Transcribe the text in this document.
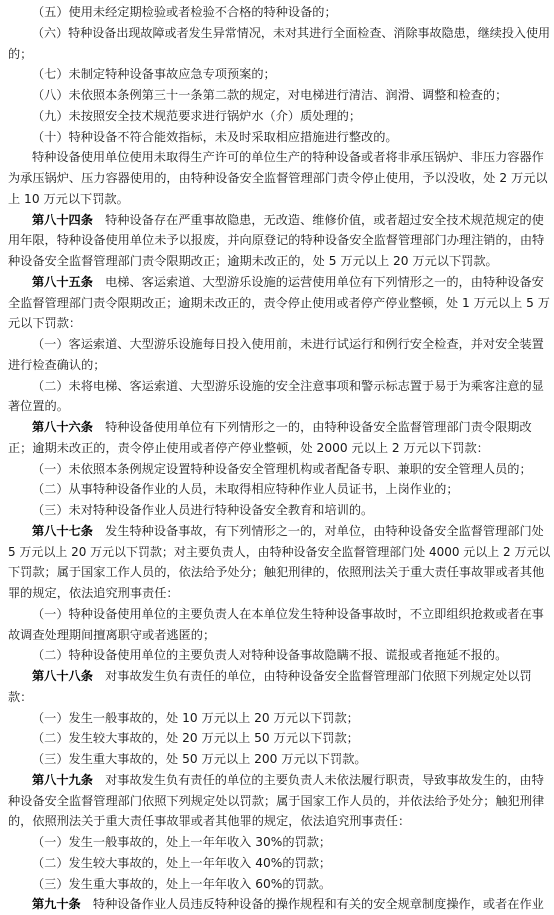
（五）使用未经定期检验或者检验不合格的特种设备的；
（六）特种设备出现故障或者发生异常情况，未对其进行全面检查、消除事故隐患，继续投入使用
的；
（七）未制定特种设备事故应急专项预案的；
（八）未依照本条例第三十一条第二款的规定，对电梯进行清洁、润滑、调整和检查的；
（九）未按照安全技术规范要求进行锅炉水（介）质处理的；
（十）特种设备不符合能效指标，未及时采取相应措施进行整改的。
特种设备使用单位使用未取得生产许可的单位生产的特种设备或者将非承压锅炉、非压力容器作
为承压锅炉、压力容器使用的，由特种设备安全监督管理部门责令停止使用，予以没收，处 2 万元以
上 10 万元以下罚款。
第八十四条　特种设备存在严重事故隐患，无改造、维修价值，或者超过安全技术规范规定的使
用年限，特种设备使用单位未予以报废，并向原登记的特种设备安全监督管理部门办理注销的，由特
种设备安全监督管理部门责令限期改正；逾期未改正的，处 5 万元以上 20 万元以下罚款。
第八十五条　电梯、客运索道、大型游乐设施的运营使用单位有下列情形之一的，由特种设备安
全监督管理部门责令限期改正；逾期未改正的，责令停止使用或者停产停业整顿，处 1 万元以上 5 万
元以下罚款：
（一）客运索道、大型游乐设施每日投入使用前，未进行试运行和例行安全检查，并对安全装置
进行检查确认的；
（二）未将电梯、客运索道、大型游乐设施的安全注意事项和警示标志置于易于为乘客注意的显
著位置的。
第八十六条　特种设备使用单位有下列情形之一的，由特种设备安全监督管理部门责令限期改
正；逾期未改正的，责令停止使用或者停产停业整顿，处 2000 元以上 2 万元以下罚款：
（一）未依照本条例规定设置特种设备安全管理机构或者配备专职、兼职的安全管理人员的；
（二）从事特种设备作业的人员，未取得相应特种作业人员证书，上岗作业的；
（三）未对特种设备作业人员进行特种设备安全教育和培训的。
第八十七条　发生特种设备事故，有下列情形之一的，对单位，由特种设备安全监督管理部门处
5 万元以上 20 万元以下罚款；对主要负责人，由特种设备安全监督管理部门处 4000 元以上 2 万元以
下罚款；属于国家工作人员的，依法给予处分；触犯刑律的，依照刑法关于重大责任事故罪或者其他
罪的规定，依法追究刑事责任：
（一）特种设备使用单位的主要负责人在本单位发生特种设备事故时，不立即组织抢救或者在事
故调查处理期间擅离职守或者逃匿的；
（二）特种设备使用单位的主要负责人对特种设备事故隐瞒不报、谎报或者拖延不报的。
第八十八条　对事故发生负有责任的单位，由特种设备安全监督管理部门依照下列规定处以罚
款：
（一）发生一般事故的，处 10 万元以上 20 万元以下罚款；
（二）发生较大事故的，处 20 万元以上 50 万元以下罚款；
（三）发生重大事故的，处 50 万元以上 200 万元以下罚款。
第八十九条　对事故发生负有责任的单位的主要负责人未依法履行职责，导致事故发生的，由特
种设备安全监督管理部门依照下列规定处以罚款；属于国家工作人员的，并依法给予处分；触犯刑律
的，依照刑法关于重大责任事故罪或者其他罪的规定，依法追究刑事责任：
（一）发生一般事故的，处上一年年收入 30%的罚款；
（二）发生较大事故的，处上一年年收入 40%的罚款；
（三）发生重大事故的，处上一年年收入 60%的罚款。
第九十条　特种设备作业人员违反特种设备的操作规程和有关的安全规章制度操作，或者在作业
